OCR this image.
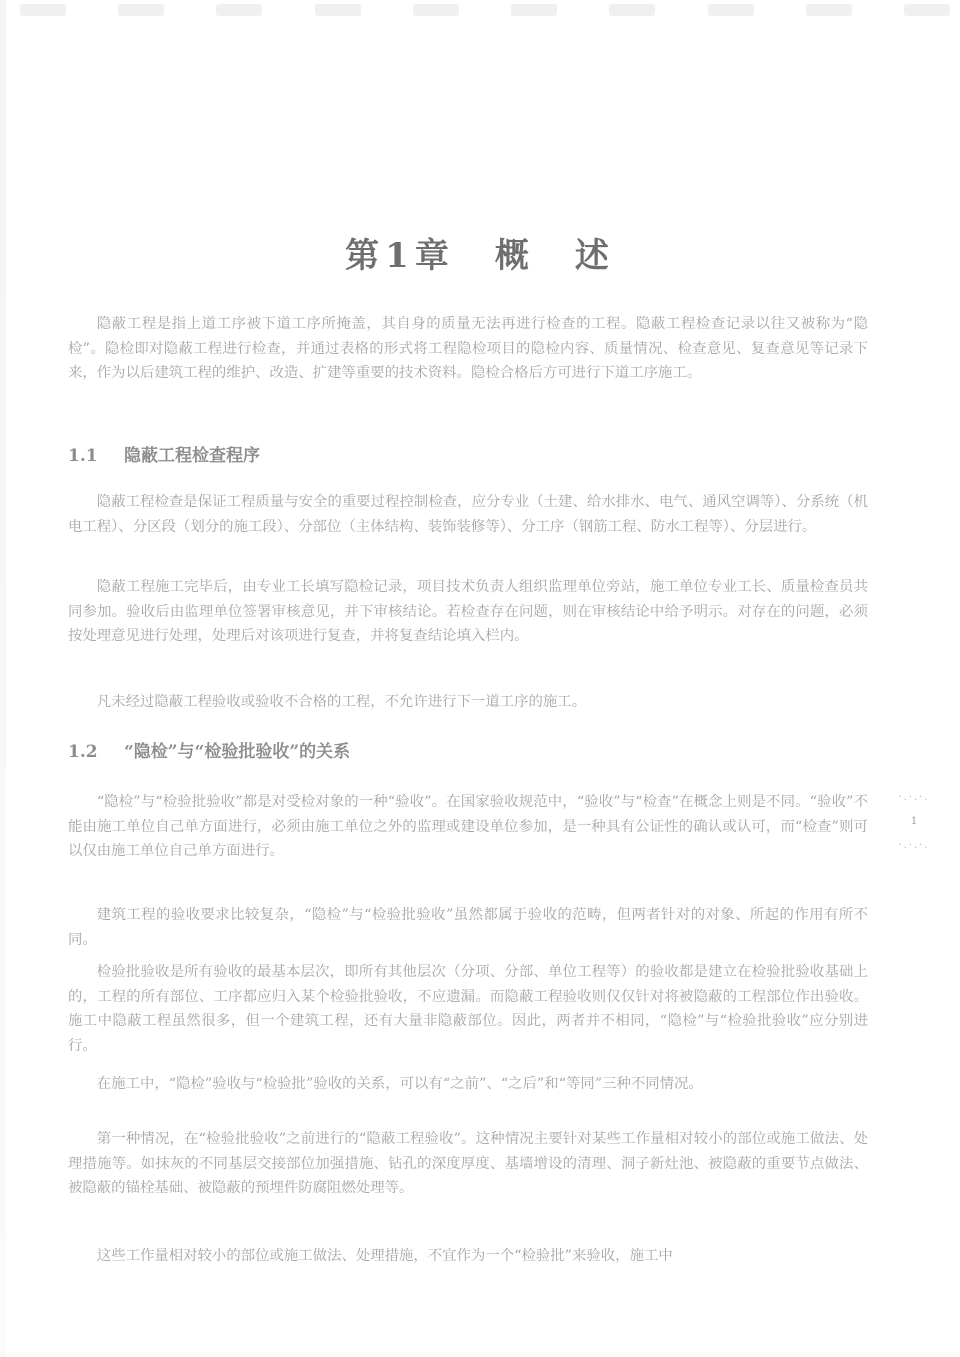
第1章　概　述
隐蔽工程是指上道工序被下道工序所掩盖，其自身的质量无法再进行检查的工程。隐蔽工程检查记录以往又被称为“隐检”。隐检即对隐蔽工程进行检查，并通过表格的形式将工程隐检项目的隐检内容、质量情况、检查意见、复查意见等记录下来，作为以后建筑工程的维护、改造、扩建等重要的技术资料。隐检合格后方可进行下道工序施工。
1.1 隐蔽工程检查程序
隐蔽工程检查是保证工程质量与安全的重要过程控制检查，应分专业（土建、给水排水、电气、通风空调等）、分系统（机电工程）、分区段（划分的施工段）、分部位（主体结构、装饰装修等）、分工序（钢筋工程、防水工程等）、分层进行。
隐蔽工程施工完毕后，由专业工长填写隐检记录，项目技术负责人组织监理单位旁站，施工单位专业工长、质量检查员共同参加。验收后由监理单位签署审核意见，并下审核结论。若检查存在问题，则在审核结论中给予明示。对存在的问题，必须按处理意见进行处理，处理后对该项进行复查，并将复查结论填入栏内。
凡未经过隐蔽工程验收或验收不合格的工程，不允许进行下一道工序的施工。
1.2 “隐检”与“检验批验收”的关系
“隐检”与“检验批验收”都是对受检对象的一种“验收”。在国家验收规范中，“验收”与“检查”在概念上则是不同。“验收”不能由施工单位自己单方面进行，必须由施工单位之外的监理或建设单位参加，是一种具有公证性的确认或认可，而“检查”则可以仅由施工单位自己单方面进行。
建筑工程的验收要求比较复杂，“隐检”与“检验批验收”虽然都属于验收的范畴，但两者针对的对象、所起的作用有所不同。
检验批验收是所有验收的最基本层次，即所有其他层次（分项、分部、单位工程等）的验收都是建立在检验批验收基础上的，工程的所有部位、工序都应归入某个检验批验收，不应遗漏。而隐蔽工程验收则仅仅针对将被隐蔽的工程部位作出验收。施工中隐蔽工程虽然很多，但一个建筑工程，还有大量非隐蔽部位。因此，两者并不相同，“隐检”与“检验批验收”应分别进行。
在施工中，“隐检”验收与“检验批”验收的关系，可以有“之前”、“之后”和“等同”三种不同情况。
第一种情况，在“检验批验收”之前进行的“隐蔽工程验收”。这种情况主要针对某些工作量相对较小的部位或施工做法、处理措施等。如抹灰的不同基层交接部位加强措施、钻孔的深度厚度、基墙增设的清理、洞子新灶池、被隐蔽的重要节点做法、被隐蔽的锚栓基础、被隐蔽的预埋件防腐阻燃处理等。
这些工作量相对较小的部位或施工做法、处理措施，不宜作为一个“检验批”来验收，施工中
·.·.·.
1
·.·.·.
